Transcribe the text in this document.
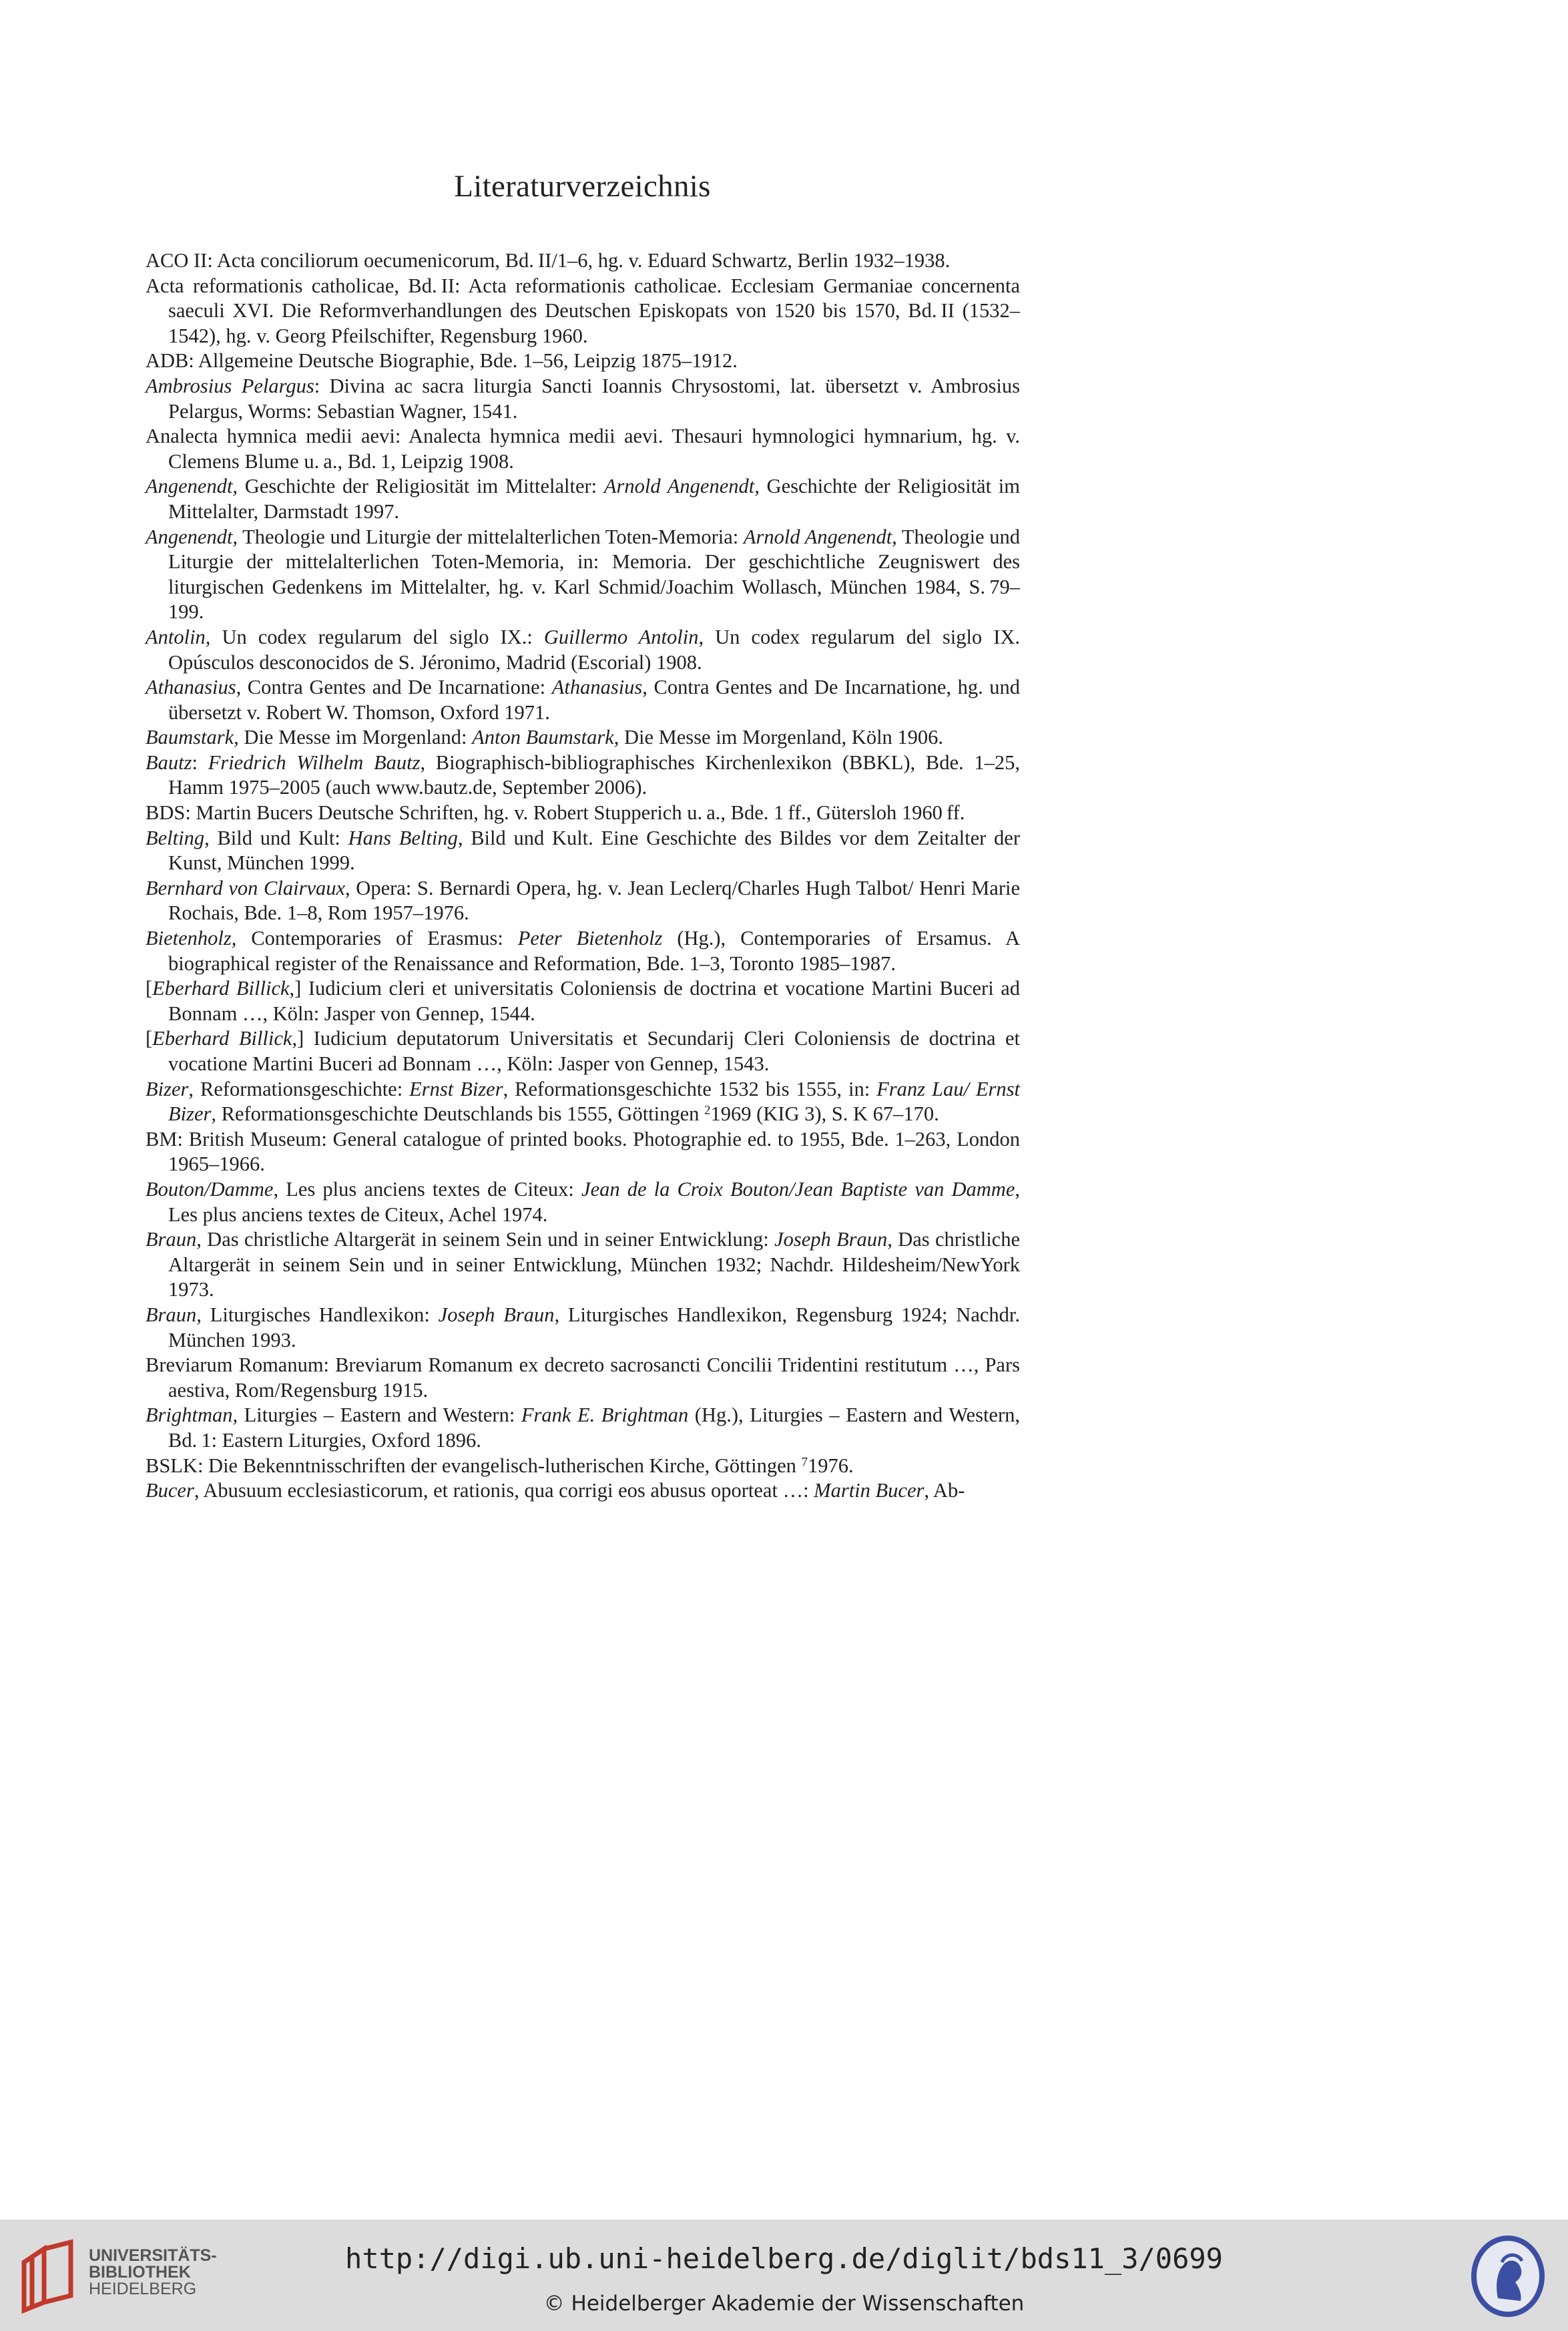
Literaturverzeichnis

ACO II: Acta conciliorum oecumenicorum, Bd. II/1–6, hg. v. Eduard Schwartz, Berlin 1932–1938.

Acta reformationis catholicae, Bd. II: Acta reformationis catholicae. Ecclesiam Germaniae concernenta saeculi XVI. Die Reformverhandlungen des Deutschen Episkopats von 1520 bis 1570, Bd. II (1532–1542), hg. v. Georg Pfeilschifter, Regensburg 1960.

ADB: Allgemeine Deutsche Biographie, Bde. 1–56, Leipzig 1875–1912.

Ambrosius Pelargus: Divina ac sacra liturgia Sancti Ioannis Chrysostomi, lat. übersetzt v. Ambrosius Pelargus, Worms: Sebastian Wagner, 1541.

Analecta hymnica medii aevi: Analecta hymnica medii aevi. Thesauri hymnologici hymnarium, hg. v. Clemens Blume u. a., Bd. 1, Leipzig 1908.

Angenendt, Geschichte der Religiosität im Mittelalter: Arnold Angenendt, Geschichte der Religiosität im Mittelalter, Darmstadt 1997.

Angenendt, Theologie und Liturgie der mittelalterlichen Toten-Memoria: Arnold Angenendt, Theologie und Liturgie der mittelalterlichen Toten-Memoria, in: Memoria. Der geschichtliche Zeugniswert des liturgischen Gedenkens im Mittelalter, hg. v. Karl Schmid/Joachim Wollasch, München 1984, S. 79–199.

Antolin, Un codex regularum del siglo IX.: Guillermo Antolin, Un codex regularum del siglo IX. Opúsculos desconocidos de S. Jéronimo, Madrid (Escorial) 1908.

Athanasius, Contra Gentes and De Incarnatione: Athanasius, Contra Gentes and De Incarnatione, hg. und übersetzt v. Robert W. Thomson, Oxford 1971.

Baumstark, Die Messe im Morgenland: Anton Baumstark, Die Messe im Morgenland, Köln 1906.

Bautz: Friedrich Wilhelm Bautz, Biographisch-bibliographisches Kirchenlexikon (BBKL), Bde. 1–25, Hamm 1975–2005 (auch www.bautz.de, September 2006).

BDS: Martin Bucers Deutsche Schriften, hg. v. Robert Stupperich u. a., Bde. 1 ff., Gütersloh 1960 ff.

Belting, Bild und Kult: Hans Belting, Bild und Kult. Eine Geschichte des Bildes vor dem Zeitalter der Kunst, München 1999.

Bernhard von Clairvaux, Opera: S. Bernardi Opera, hg. v. Jean Leclerq/Charles Hugh Talbot/ Henri Marie Rochais, Bde. 1–8, Rom 1957–1976.

Bietenholz, Contemporaries of Erasmus: Peter Bietenholz (Hg.), Contemporaries of Ersamus. A biographical register of the Renaissance and Reformation, Bde. 1–3, Toronto 1985–1987.

[Eberhard Billick,] Iudicium cleri et universitatis Coloniensis de doctrina et vocatione Martini Buceri ad Bonnam …, Köln: Jasper von Gennep, 1544.

[Eberhard Billick,] Iudicium deputatorum Universitatis et Secundarij Cleri Coloniensis de doctrina et vocatione Martini Buceri ad Bonnam …, Köln: Jasper von Gennep, 1543.

Bizer, Reformationsgeschichte: Ernst Bizer, Reformationsgeschichte 1532 bis 1555, in: Franz Lau/ Ernst Bizer, Reformationsgeschichte Deutschlands bis 1555, Göttingen $^2$1969 (KIG 3), S. K 67–170.

BM: British Museum: General catalogue of printed books. Photographie ed. to 1955, Bde. 1–263, London 1965–1966.

Bouton/Damme, Les plus anciens textes de Citeux: Jean de la Croix Bouton/Jean Baptiste van Damme, Les plus anciens textes de Citeux, Achel 1974.

Braun, Das christliche Altargerät in seinem Sein und in seiner Entwicklung: Joseph Braun, Das christliche Altargerät in seinem Sein und in seiner Entwicklung, München 1932; Nachdr. Hildesheim/NewYork 1973.

Braun, Liturgisches Handlexikon: Joseph Braun, Liturgisches Handlexikon, Regensburg 1924; Nachdr. München 1993.

Breviarum Romanum: Breviarum Romanum ex decreto sacrosancti Concilii Tridentini restitutum …, Pars aestiva, Rom/Regensburg 1915.

Brightman, Liturgies – Eastern and Western: Frank E. Brightman (Hg.), Liturgies – Eastern and Western, Bd. 1: Eastern Liturgies, Oxford 1896.

BSLK: Die Bekenntnisschriften der evangelisch-lutherischen Kirche, Göttingen $^7$1976.

Bucer, Abusuum ecclesiasticorum, et rationis, qua corrigi eos abusus oporteat …: Martin Bucer, Ab-

UNIVERSITÄTS-
BIBLIOTHEK
HEIDELBERG
http://digi.ub.uni-heidelberg.de/diglit/bds11_3/0699
© Heidelberger Akademie der Wissenschaften
